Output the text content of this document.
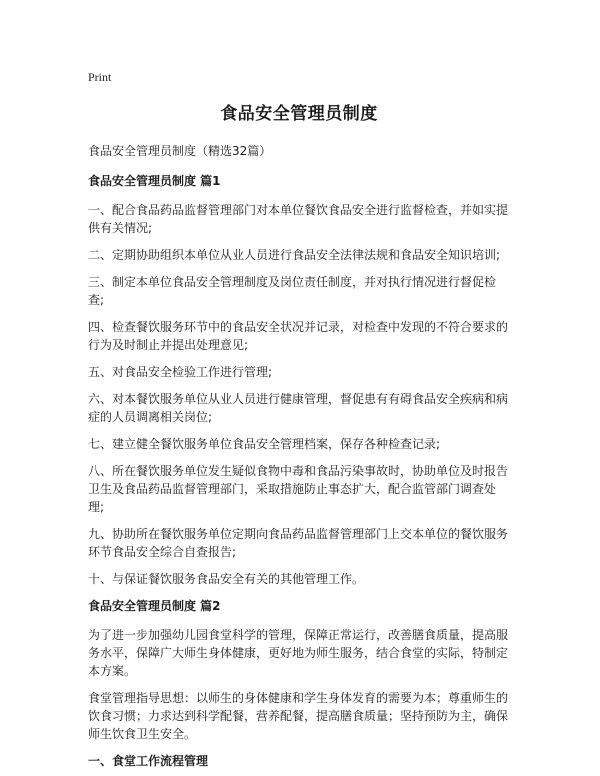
Print
食品安全管理员制度
食品安全管理员制度（精选32篇）
食品安全管理员制度 篇1

一、配合食品药品监督管理部门对本单位餐饮食品安全进行监督检查，并如实提供有关情况;

二、定期协助组织本单位从业人员进行食品安全法律法规和食品安全知识培训;

三、制定本单位食品安全管理制度及岗位责任制度，并对执行情况进行督促检查;

四、检查餐饮服务环节中的食品安全状况并记录，对检查中发现的不符合要求的行为及时制止并提出处理意见;

五、对食品安全检验工作进行管理;

六、对本餐饮服务单位从业人员进行健康管理，督促患有有碍食品安全疾病和病症的人员调离相关岗位;

七、建立健全餐饮服务单位食品安全管理档案，保存各种检查记录;

八、所在餐饮服务单位发生疑似食物中毒和食品污染事故时，协助单位及时报告卫生及食品药品监督管理部门，采取措施防止事态扩大，配合监管部门调查处理;

九、协助所在餐饮服务单位定期向食品药品监督管理部门上交本单位的餐饮服务环节食品安全综合自查报告;

十、与保证餐饮服务食品安全有关的其他管理工作。

食品安全管理员制度 篇2

为了进一步加强幼儿园食堂科学的管理，保障正常运行，改善膳食质量，提高服务水平，保障广大师生身体健康，更好地为师生服务，结合食堂的实际，特制定本方案。

食堂管理指导思想：以师生的身体健康和学生身体发育的需要为本；尊重师生的饮食习惯；力求达到科学配餐，营养配餐，提高膳食质量；坚持预防为主，确保师生饮食卫生安全。

一、食堂工作流程管理
